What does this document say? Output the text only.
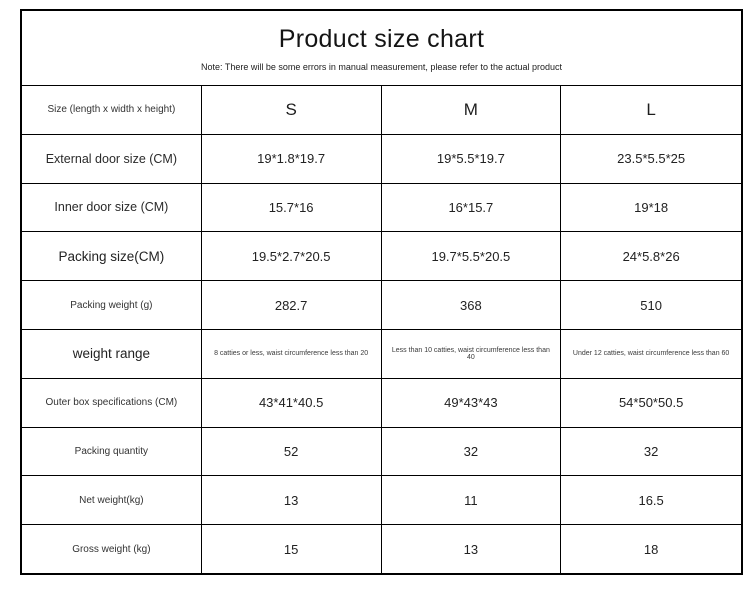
Product size chart
Note: There will be some errors in manual measurement, please refer to the actual product
Size (length x width x height)	S	M	L
External door size (CM)	19*1.8*19.7	19*5.5*19.7	23.5*5.5*25
Inner door size (CM)	15.7*16	16*15.7	19*18
Packing size(CM)	19.5*2.7*20.5	19.7*5.5*20.5	24*5.8*26
Packing weight (g)	282.7	368	510
weight range	8 catties or less, waist circumference less than 20	Less than 10 catties, waist circumference less than 40	Under 12 catties, waist circumference less than 60
Outer box specifications (CM)	43*41*40.5	49*43*43	54*50*50.5
Packing quantity	52	32	32
Net weight(kg)	13	11	16.5
Gross weight (kg)	15	13	18
